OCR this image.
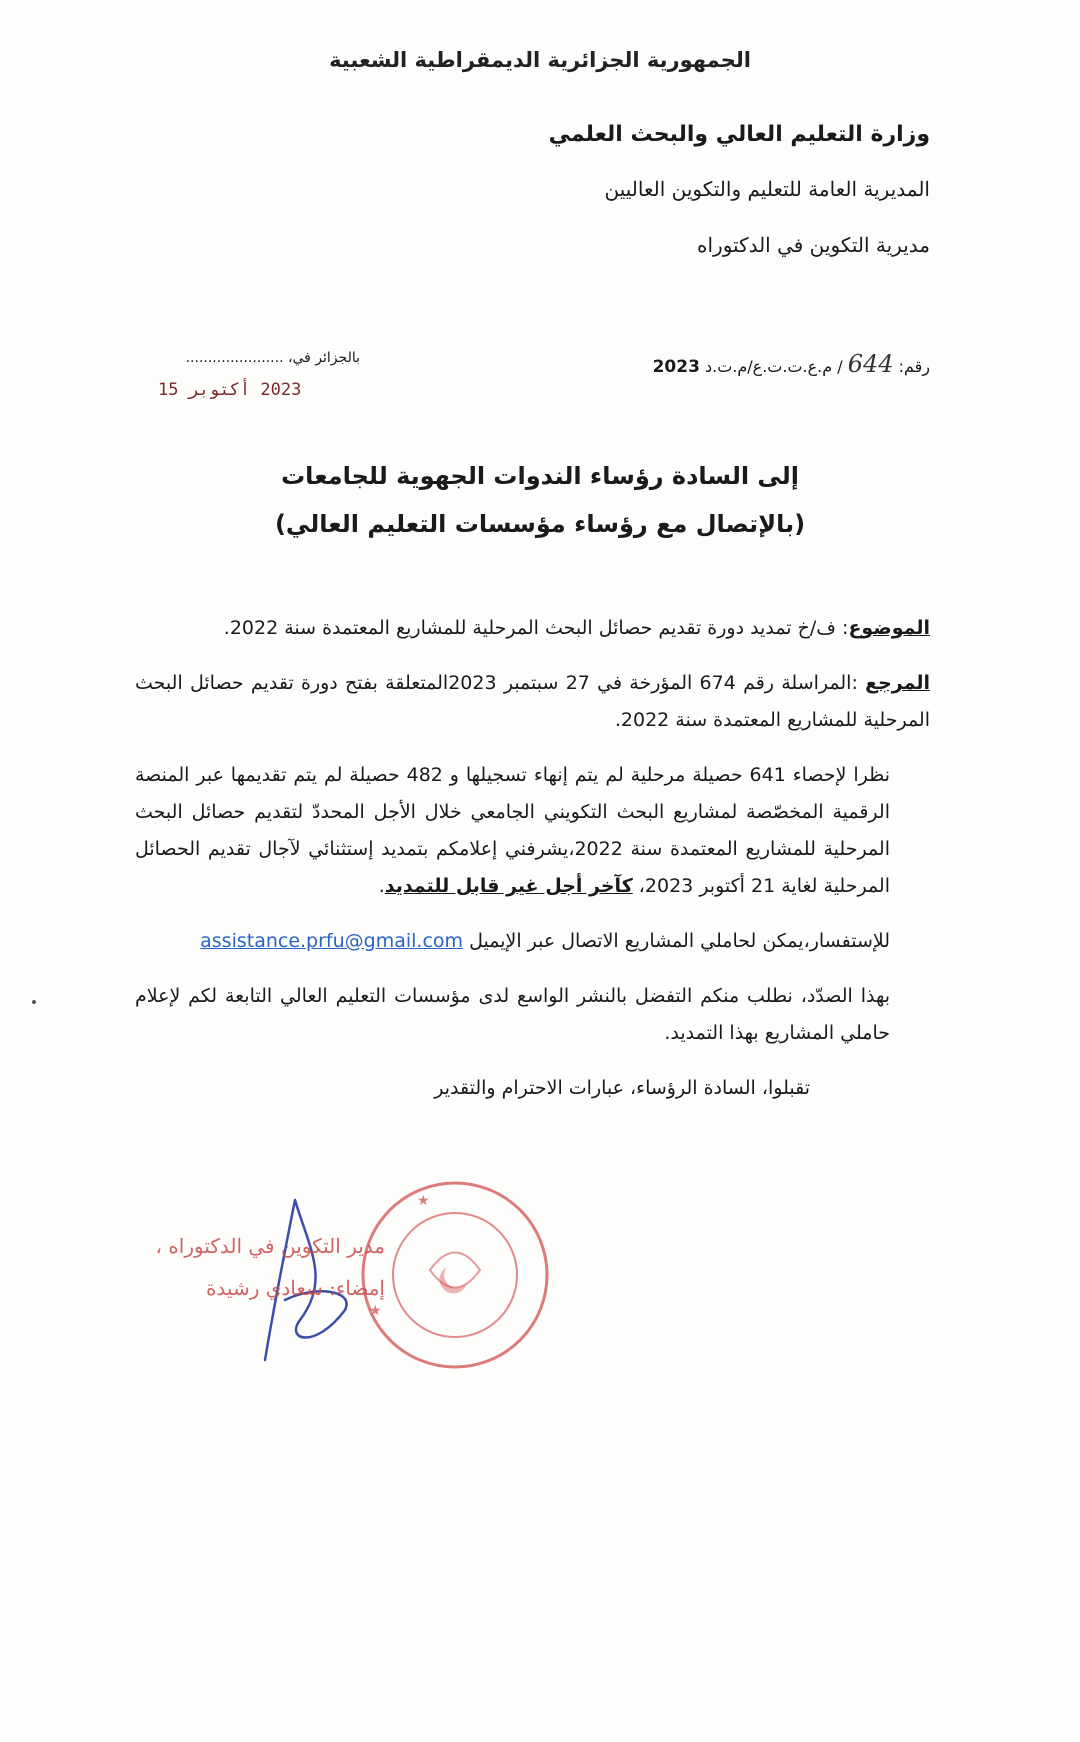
الجمهورية الجزائرية الديمقراطية الشعبية
وزارة التعليم العالي والبحث العلمي
المديرية العامة للتعليم والتكوين العاليين
مديرية التكوين في الدكتوراه
رقم: 644 / م.ع.ت.ت.ع/م.ت.د 2023
بالجزائر في، ......................
2023 أكتوبر 15
إلى السادة رؤساء الندوات الجهوية للجامعات
(بالإتصال مع رؤساء مؤسسات التعليم العالي)

الموضوع: ف/خ تمديد دورة تقديم حصائل البحث المرحلية للمشاريع المعتمدة سنة 2022.

المرجع :المراسلة رقم 674 المؤرخة في 27 سبتمبر 2023المتعلقة بفتح دورة تقديم حصائل البحث المرحلية للمشاريع المعتمدة سنة 2022.

نظرا لإحصاء 641 حصيلة مرحلية لم يتم إنهاء تسجيلها و 482 حصيلة لم يتم تقديمها عبر المنصة الرقمية المخصّصة لمشاريع البحث التكويني الجامعي خلال الأجل المحددّ لتقديم حصائل البحث المرحلية للمشاريع المعتمدة سنة 2022،يشرفني إعلامكم بتمديد إستثنائي لآجال تقديم الحصائل المرحلية لغاية 21 أكتوبر 2023، كآخر أجل غير قابل للتمديد.

للإستفسار،يمكن لحاملي المشاريع الاتصال عبر الإيميل assistance.prfu@gmail.com

بهذا الصدّد، نطلب منكم التفضل بالنشر الواسع لدى مؤسسات التعليم العالي التابعة لكم لإعلام حاملي المشاريع بهذا التمديد.

تقبلوا، السادة الرؤساء، عبارات الاحترام والتقدير

★
★
مدير التكوين في الدكتوراه ،
إمضاء: سعادي رشيدة
